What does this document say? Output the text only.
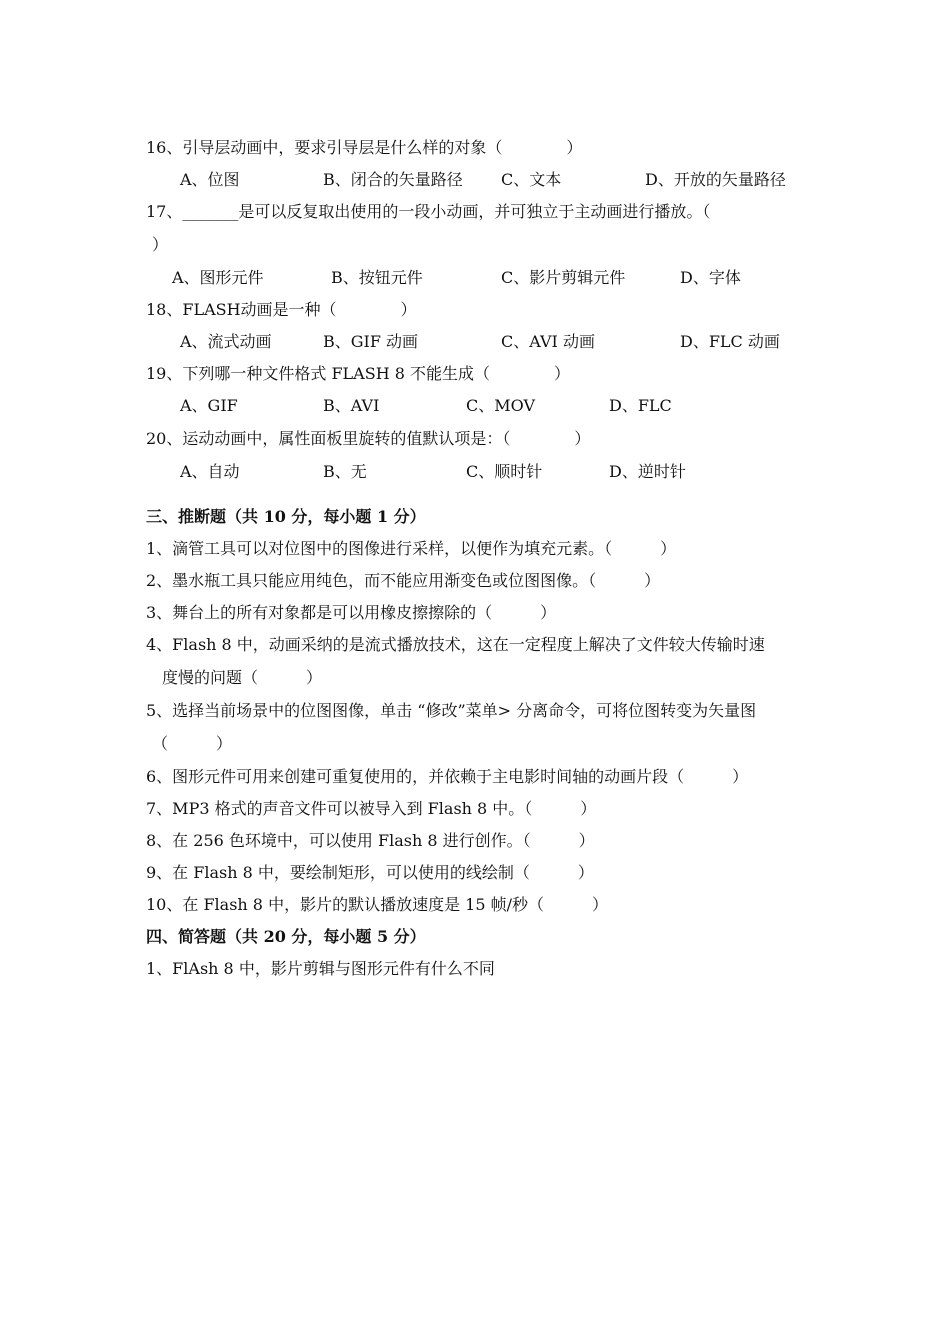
16、引导层动画中，要求引导层是什么样的对象（　　　　）
A、位图	B、闭合的矢量路径 C、文本	D、开放的矢量路径
17、_______是可以反复取出使用的一段小动画，并可独立于主动画进行播放。（
）
A、图形元件	B、按钮元件	C、影片剪辑元件	D、字体
18、FLASH动画是一种（　　　　）
A、流式动画	B、GIF 动画	C、AVI 动画	D、FLC 动画
19、下列哪一种文件格式 FLASH 8 不能生成（　　　　）
A、GIF	B、AVI	C、MOV	D、FLC
20、运动动画中，属性面板里旋转的值默认项是：（　　　　）
A、自动	B、无	C、顺时针	D、逆时针
三、推断题（共 10 分，每小题 1 分）
1、滴管工具可以对位图中的图像进行采样，以便作为填充元素。（　　　）
2、墨水瓶工具只能应用纯色，而不能应用渐变色或位图图像。（　　　）
3、舞台上的所有对象都是可以用橡皮擦擦除的（　　　）
4、Flash 8 中，动画采纳的是流式播放技术，这在一定程度上解决了文件较大传输时速
度慢的问题（　　　）
5、选择当前场景中的位图图像，单击 “修改”菜单> 分离命令，可将位图转变为矢量图
（　　　）
6、图形元件可用来创建可重复使用的，并依赖于主电影时间轴的动画片段（　　　）
7、MP3 格式的声音文件可以被导入到 Flash 8 中。（　　　）
8、在 256 色环境中，可以使用 Flash 8 进行创作。（　　　）
9、在 Flash 8 中，要绘制矩形，可以使用的线绘制（　　　）
10、在 Flash 8 中，影片的默认播放速度是 15 帧/秒（　　　）
四、简答题（共 20 分，每小题 5 分）
1、FlAsh 8 中，影片剪辑与图形元件有什么不同
